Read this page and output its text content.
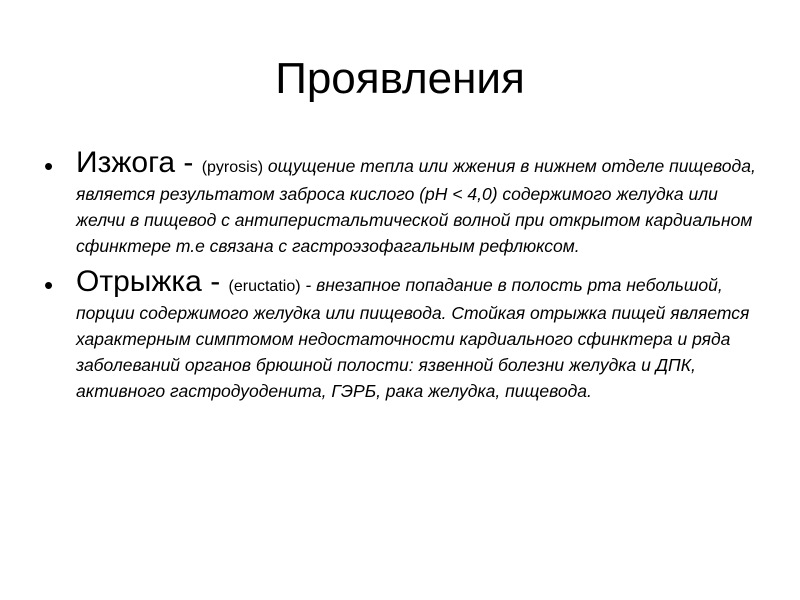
Проявления
• Изжога - (pyrosis) ощущение тепла или жжения в нижнем отделе пищевода, является результатом заброса кислого (pH < 4,0) содержимого желудка или желчи в пищевод с антиперистальтической волной при открытом кардиальном сфинктере т.е связана с гастроэзофагальным рефлюксом.

• Отрыжка - (eructatio) - внезапное попадание в полость рта небольшой, порции содержимого желудка или пищевода. Стойкая отрыжка пищей является характерным симптомом недостаточности кардиального сфинктера и ряда заболеваний органов брюшной полости: язвенной болезни желудка и ДПК, активного гастродуоденита, ГЭРБ, рака желудка, пищевода.
